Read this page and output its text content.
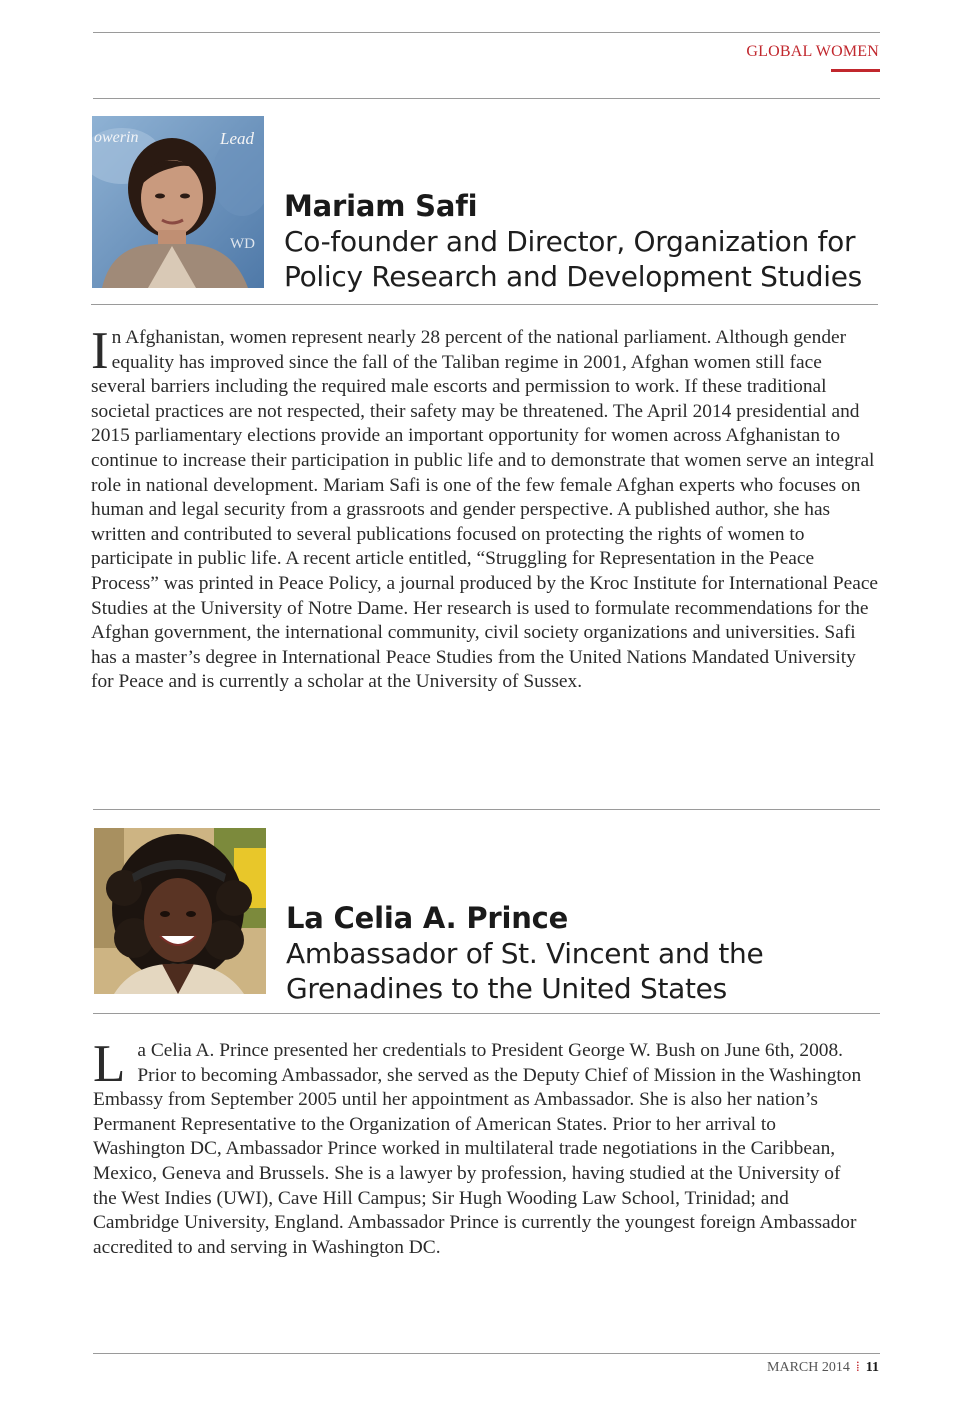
GLOBAL WOMEN
owerin	Lead
WD
Mariam Safi
Co-founder and Director, Organization for
Policy Research and Development Studies

In Afghanistan, women represent nearly 28 percent of the national parliament. Although gender equality has improved since the fall of the Taliban regime in 2001, Afghan women still face several barriers including the required male escorts and permission to work. If these traditional societal practices are not respected, their safety may be threatened. The April 2014 presidential and 2015 parliamentary elections provide an important opportunity for women across Afghanistan to continue to increase their participation in public life and to demonstrate that women serve an integral role in national development. Mariam Safi is one of the few female Afghan experts who focuses on human and legal security from a grassroots and gender perspective. A published author, she has written and contributed to several publications focused on protecting the rights of women to participate in public life. A recent article entitled, “Struggling for Representation in the Peace Process” was printed in Peace Policy, a journal produced by the Kroc Institute for International Peace Studies at the University of Notre Dame. Her research is used to formulate recommendations for the Afghan government, the international community, civil society organizations and universities. Safi has a master’s degree in International Peace Studies from the United Nations Mandated University for Peace and is currently a scholar at the University of Sussex.

La Celia A. Prince
Ambassador of St. Vincent and the
Grenadines to the United States

La Celia A. Prince presented her credentials to President George W. Bush on June 6th, 2008. Prior to becoming Ambassador, she served as the Deputy Chief of Mission in the Washington Embassy from September 2005 until her appointment as Ambassador. She is also her nation’s Permanent Representative to the Organization of American States. Prior to her arrival to Washington DC, Ambassador Prince worked in multilateral trade negotiations in the Caribbean, Mexico, Geneva and Brussels. She is a lawyer by profession, having studied at the University of the West Indies (UWI), Cave Hill Campus; Sir Hugh Wooding Law School, Trinidad; and Cambridge University, England. Ambassador Prince is currently the youngest foreign Ambassador accredited to and serving in Washington DC.

MARCH 2014 ⁞ 11
